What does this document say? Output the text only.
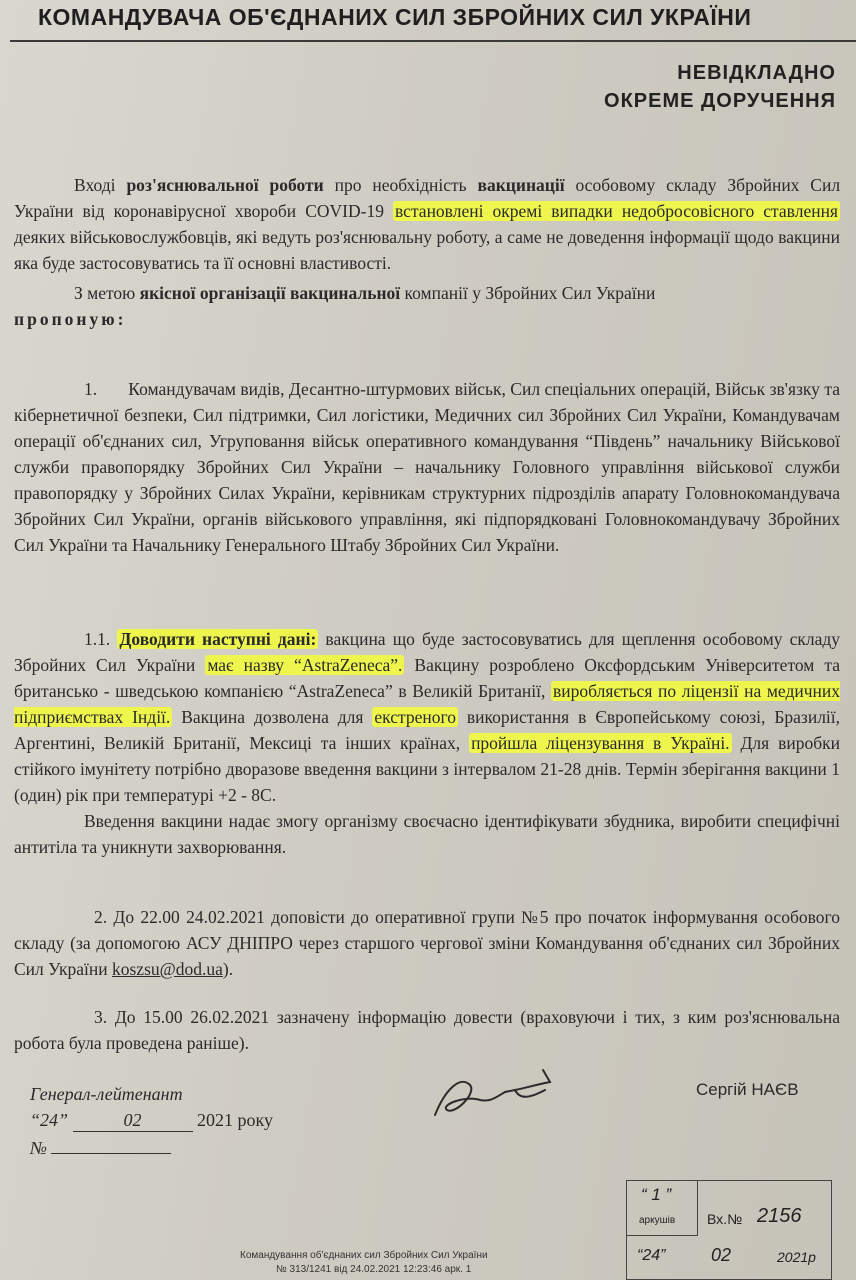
КОМАНДУВАЧА ОБ'ЄДНАНИХ СИЛ ЗБРОЙНИХ СИЛ УКРАЇНИ
НЕВІДКЛАДНО
ОКРЕМЕ ДОРУЧЕННЯ

Вході роз'яснювальної роботи про необхідність вакцинації особовому складу Збройних Сил України від коронавірусної хвороби COVID-19 встановлені окремі випадки недобросовісного ставлення деяких військовослужбовців, які ведуть роз'яснювальну роботу, а саме не доведення інформації щодо вакцини яка буде застосовуватись та її основні властивості.

З метою якісної організації вакцинальної компанії у Збройних Сил України

пропоную:

1. Командувачам видів, Десантно-штурмових військ, Сил спеціальних операцій, Військ зв'язку та кібернетичної безпеки, Сил підтримки, Сил логістики, Медичних сил Збройних Сил України, Командувачам операції об'єднаних сил, Угруповання військ оперативного командування “Південь” начальнику Військової служби правопорядку Збройних Сил України – начальнику Головного управління військової служби правопорядку у Збройних Силах України, керівникам структурних підрозділів апарату Головнокомандувача Збройних Сил України, органів військового управління, які підпорядковані Головнокомандувачу Збройних Сил України та Начальнику Генерального Штабу Збройних Сил України.

1.1. Доводити наступні дані: вакцина що буде застосовуватись для щеплення особовому складу Збройних Сил України має назву “AstraZeneca”. Вакцину розроблено Оксфордським Університетом та британсько - шведською компанією “AstraZeneca” в Великій Британії, виробляється по ліцензії на медичних підприємствах Індії. Вакцина дозволена для екстреного використання в Європейському союзі, Бразилії, Аргентині, Великій Британії, Мексиці та інших країнах, пройшла ліцензування в Україні. Для виробки стійкого імунітету потрібно дворазове введення вакцини з інтервалом 21-28 днів. Термін зберігання вакцини 1 (один) рік при температурі +2 - 8С.

Введення вакцини надає змогу організму своєчасно ідентифікувати збудника, виробити специфічні антитіла та уникнути захворювання.

2. До 22.00 24.02.2021 доповісти до оперативної групи №5 про початок інформування особового складу (за допомогою АСУ ДНІПРО через старшого чергової зміни Командування об'єднаних сил Збройних Сил України koszsu@dod.ua).

3. До 15.00 26.02.2021 зазначену інформацію довести (враховуючи і тих, з ким роз'яснювальна робота була проведена раніше).

Генерал-лейтенант
“24”	02	2021 року
№
Сергій НАЄВ
“ 1 ”
аркушів Вх.№ 2156
“24”	02	2021р
Командування об'єднаних сил Збройних Сил України
№ 313/1241 від 24.02.2021 12:23:46 арк. 1
